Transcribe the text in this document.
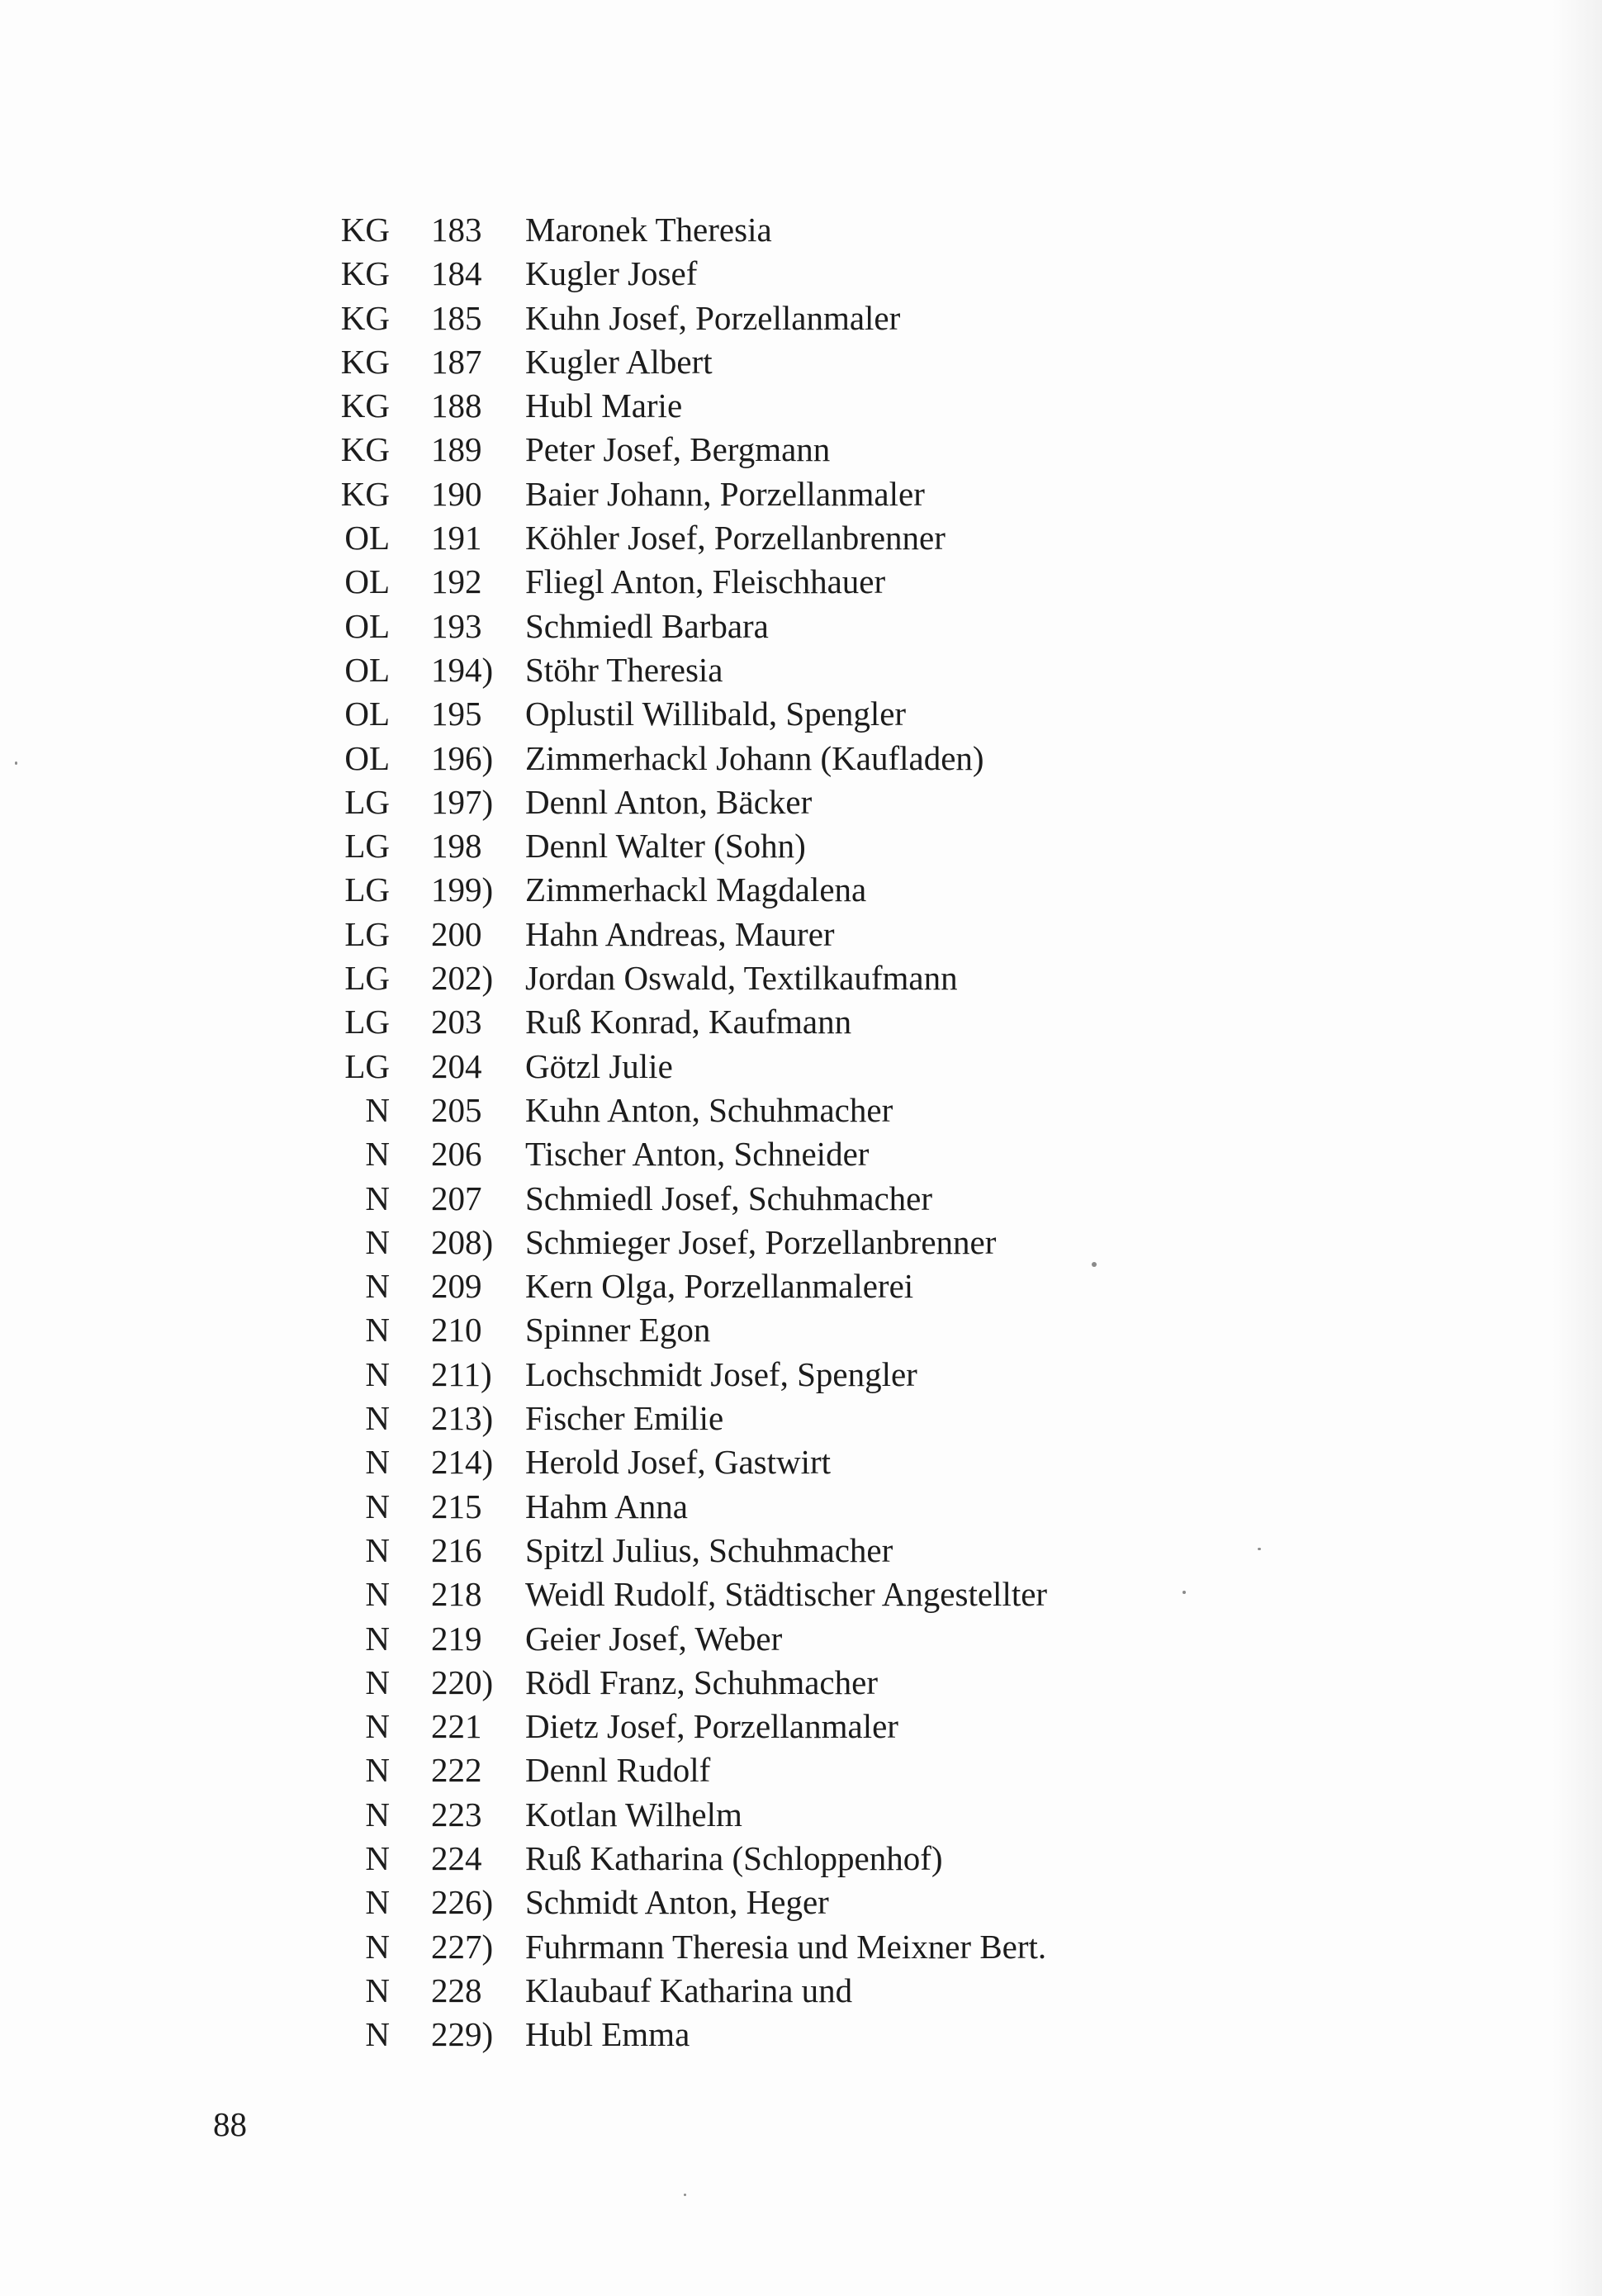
KG 183 Maronek Theresia
KG 184 Kugler Josef
KG 185 Kuhn Josef, Porzellanmaler
KG 187 Kugler Albert
KG 188 Hubl Marie
KG 189 Peter Josef, Bergmann
KG 190 Baier Johann, Porzellanmaler
OL 191 Köhler Josef, Porzellanbrenner
OL 192 Fliegl Anton, Fleischhauer
OL 193 Schmiedl Barbara
OL 194) Stöhr Theresia
OL 195 Oplustil Willibald, Spengler
OL 196) Zimmerhackl Johann (Kaufladen)
LG 197) Dennl Anton, Bäcker
LG 198 Dennl Walter (Sohn)
LG 199) Zimmerhackl Magdalena
LG 200 Hahn Andreas, Maurer
LG 202) Jordan Oswald, Textilkaufmann
LG 203 Ruß Konrad, Kaufmann
LG 204 Götzl Julie
N 205 Kuhn Anton, Schuhmacher
N 206 Tischer Anton, Schneider
N 207 Schmiedl Josef, Schuhmacher
N 208) Schmieger Josef, Porzellanbrenner
N 209 Kern Olga, Porzellanmalerei
N 210 Spinner Egon
N 211) Lochschmidt Josef, Spengler
N 213) Fischer Emilie
N 214) Herold Josef, Gastwirt
N 215 Hahm Anna
N 216 Spitzl Julius, Schuhmacher
N 218 Weidl Rudolf, Städtischer Angestellter
N 219 Geier Josef, Weber
N 220) Rödl Franz, Schuhmacher
N 221 Dietz Josef, Porzellanmaler
N 222 Dennl Rudolf
N 223 Kotlan Wilhelm
N 224 Ruß Katharina (Schloppenhof)
N 226) Schmidt Anton, Heger
N 227) Fuhrmann Theresia und Meixner Bert.
N 228 Klaubauf Katharina und
N 229) Hubl Emma
88
